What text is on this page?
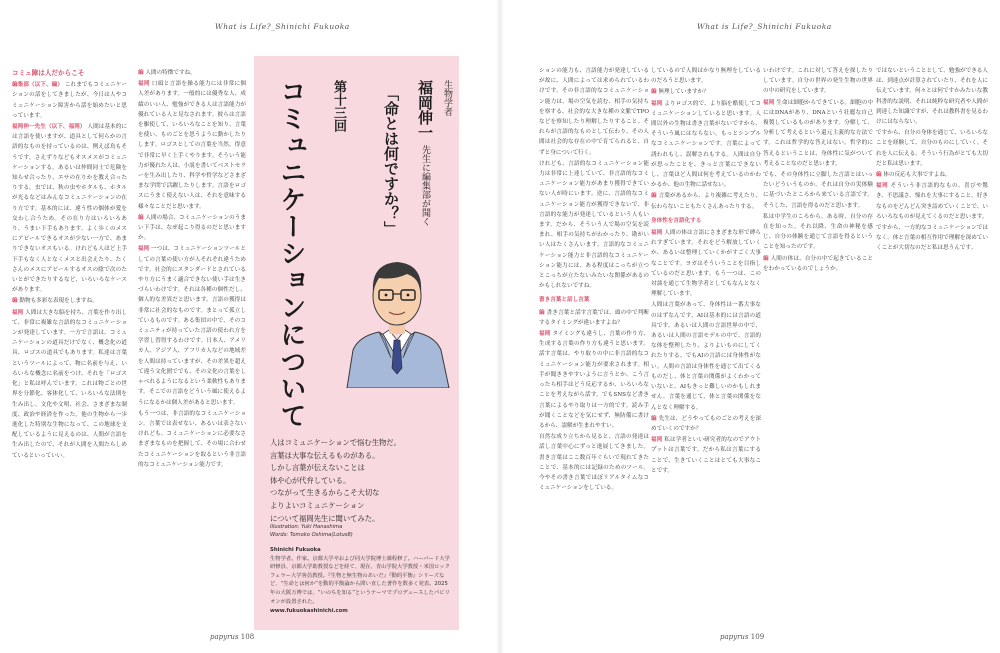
What is Life?_Shinichi Fukuoka	What is Life?_Shinichi Fukuoka
コミュ障は人だからこそ
編集部（以下、編） これまでもコミュニケーションの話をしてきましたが、今日は人やコミュニケーション障害から話を始めたいと思っています。
福岡伸一先生（以下、福岡） 人間は基本的には言語を使いますが、道具として何らかの言語的なものを持っているのは、例えば鳥もそうです。さえずりなどもオスメスがコミュニケーションする。あるいは仲間同士で危険を知らせ合ったり、エサの在りかを教え合ったりする。虫では、秋の虫やホタルも、ホタルが光るなどはみんなコミュニケーションの在り方です。基本的には、違う性の個体が愛を交わし合うため。その在り方はいろいろあり、うまい下手もあります。よく歩くのメスにアピールできるオスが少ない一方で、あまりできないオスもいる。けれども人ほど上手下手もなく人となくメスと出会えたり、たくさんのメスにアピールするオスの陰で次のたいとができたりするなど、いろいろなケースがあります。
編 動物も多彩な表現をしますね。
福岡 人間は大きな脳を持ち、言葉を作り出して、非常に複雑な言語的なコミュニケーションが発達しています。一方で言語は、コミュニケーションの道具だけでなく、概念化の道具、ロゴスの道具でもあります。私達は言葉というツールによって、物に名前を与え、いろいろな概念に名前をつけ、それを「ロゴス化」と私は呼んでいます。これは物ごとの世界を分節化、客体化して、いろいろな法則を生み出し、文化や文明、社会、さまざまな制度、政治や経済を作った。他の生物から一歩進化した特別な生物になって、この地球を支配しているように見えるのは、人間が言語を生み出したので、それが人間を人間たらしめているといっていい。
編 人間の特徴ですね。
福岡 口頭と言語を操る能力には非常に個人差があります。一般的には優秀な人、成績のいい人、勉強ができる人は言語能力が優れている人と見なされます。彼らは言語を駆使して、いろいろなことを知り、言葉を使い、ものごとを思うように動かしたりします。ロゴスとしての言葉を当然、得意で非常に早く上手くやります。そういう能力が優れた人は、小説を書いてベストセラーを生み出したり、科学や哲学などさまざまな学問で活躍したりします。言語をロゴスにうまく使えない人は、それを意味する様々なことだと思います。
編 人間の場合、コミュニケーションのうまい下手は、なぜ起こり得るのだと思いますか。
福岡 一つは、コミュニケーションツールとしての言葉の使い方が人それぞれ違うためです。社会的にスタンダードとされているやり方にうまく適合できない使い手は生きづらいわけです。それは各種の個性だし、個人的な差異だと思います。言語の獲得は非常に社会的なものです。まとって孤立しているものです。ある集団の中で、そのコミュニティが持っていた言語の使われ方を学習し習得するわけです。日本人、アメリカ人、アジア人、アフリカ人などの地域差を人間は持っていますが、その差異を超えて違う文化圏ででも、その文化の言葉をしゃべれるようになるという柔軟性もあります。そこでの言語をどういう風に使えるようになるかは個人差があると思います。
もう一つは、非言語的なコミュニケーション。言葉では表せない、あるいは表さないけれども、コミュニケーションに必要なさまざまなものを把握して、その場に合わせたコミュニケーションを取るという非言語的なコミュニケーション能力です。
生物学者
福岡伸一 先生に編集部が聞く
「命とは何ですか？」
第十三回
コミュニケーションについて
人はコミュニケーションで悩む生物だ。
言葉は大事な伝えるものがある。
しかし言葉が伝えないことは
体や心が代弁している。
つながって生きるからこそ大切な
よりよいコミュニケーション
について福岡先生に聞いてみた。
Illustration: Yuki Hanashima
Words: Tomoko Oshima(Lotus8)
Shinichi Fukuoka
生物学者。作家。京都大学卒および同大学院博士課程修了。ハーバード大学研修員、京都大学助教授などを経て、現在、青山学院大学教授・米国ロックフェラー大学客員教授。『生物と無生物のあいだ』『動的平衡』シリーズなど、“生命とは何か”を動的平衡論から問い直した著作を数多く発表。2025年の大阪万博では、“いのちを知る”というテーマでプロデュースしたパビリオンが設置された。
www.fukuokashinichi.com
ションの能力も、言語能力が発達しているが故に、人間によっては求められているわけです。その非言語的なコミュニケーション能力は、場の空気を読む、相手の気持ちを察する、社会的な大きな種の文脈でTPOなどを察知したり理解したりすること。それらが言語的なものとして伝わり、その人間は社会的な存在の中で育てられると、自ずと身について行く。
けれども、言語的なコミュニケーション能力は非常に上達していて、非言語的なコミュニケーション能力があまり獲得できていない人が時にいます。逆に、言語的なコミュニケーション能力が獲得できないで、非言語的な能力が発達しているという人もいます。だから、そういう人で場の空気を読まれ、相手の気持ちがわかったり、勘がいい人はたくさんいます。言語的なコミュニケーション能力と非言語的なコミュニケーション能力には、ある程度はこっちが立つとこっちが立たないみたいな関係があるのかもしれないですね。
書き言葉と話し言葉
編 書き言葉と話す言葉では、頭の中で判断するタイミングが違いますよね？
福岡 タイミングも違うし、言葉の作り方、生成する言葉の作り方も違うと思います。話す言葉は、やり取りの中に非言語的なコミュニケーション能力が要求されます。相手が聞ききやすいように言うとか、こう言ったら相手はどう反応するか、いろいろなことを考えながら話す。でもSNSなど書き言葉によるやり取りは一方的です。読み手が聞くことなどを気にせず、無防備に書けるから、誤解が生まれやすい。
自然な成り立ちから見ると、言語の発達は話し言葉中心にずっと進展してきました。書き言葉はここ数百年ぐらいで現れてきたことで、基本的には記録のためのツール。今やその書き言葉でほぼリアルタイムなコミュニケーションをしている。
しているので人間はかなり無理をしているのだろうと思います。
編 無理していますか？
福岡 よりロゴス的で、より脳を酷使してコミュニケーションしていると思います。人間以外の生物は書き言葉がないですから、そういう風にはならない。もっとシンプルなコミュニケーションです。言葉によって誘われもし、誤解されもする。人間は自分が思ったことを、きっと言葉にできないし、言葉ほど人間は何を考えているのかわかるか、他の生物に話せない。
編 言葉があるから、より複雑に考えたり、伝わらないこともたくさんあったりする。
身体性を言語化する
福岡 人間の体は言語にさまざまな形で縛られすぎています。それをどう解放していくか、あるいは整理していくかがすごく大事なことです。ヨガはそういうことを目指しているのだと思います。もう一つは、この対談を通じて生物学者としてもなんとなく理解しています。
人間は言葉があって、身体性は一番大事なのはずなんです。AIは基本的には言語の道具です。あるいは人間の言語世界の中で、あるいは人間の言語モデルの中で、言語的な体を整理したり、よりよいものにしてくれたりする。でもAIの言語には身体性がない。人間の言語は身体性を通じて出てくるものだし、体と言葉の関係がよくわかっていないと、AIもきっと難しいのかもしれません。言葉を通じて、体と言葉の関係をなんとなく理解する。
編 先生は、どうやってものごとの考えを深めていくのですか？
福岡 私は学者といい研究者的なのでアウトプットは言葉です。だから私は言葉にすることで、生きていくことはとても大事なことです。
いわけです。これに対して答えを探したりしています。自分の世界の発生生物の世界の中の研究をしています。
福岡 生命は細胞からできている。細胞の中にはDNAがあり、DNAという壮麗な自己複製しているものがあります。分解して、分析して考えるという還元主義的な方法です。これは哲学的な答えはない。哲学的に答えるということは、身体性に気がついて考えることなのだと思います。
でも、その身体性に立脚した言語とはいったいどういうものか。それは自分の実体験に基づいたところから来ている言語です。そうした、言語を得るのだと思います。
私は中学生のころから、ある時、自分の存在を知った。それ以降、生命の神秘を感じ、自分の体験を通じて言語を得るということを知ったのです。
編 人間の体は、自分の中で起きていることをわかっているのでしょうか。
ではないということとして、勉強ができる人は、到達点が計算されていたり、それを人に伝えています。何々とは何ですかみたいな教科書的な説明、それは純粋な研究者や人間が到達した知識ですが、それは教科書を見るわけにはならない。
ですから、自分の身体を通じて、いろいろなことを経験して、自分のものにしていく。それを人に伝える。そういう行為がとても大切だと私は思います。
編 体の反応も大事ですよね。
福岡 そういう非言語的なもの、喜びや驚き、不思議さ、憧れを大事にすること。好きなものをどんどん突き詰めていくことで、いろいろなものが見えてくるのだと思います。
ですから、一方的なコミュニケーションではなく、体と言葉の相互作用で理解を深めていくことが大切なのだと私は思うんです。
papyrus 108	papyrus 109
